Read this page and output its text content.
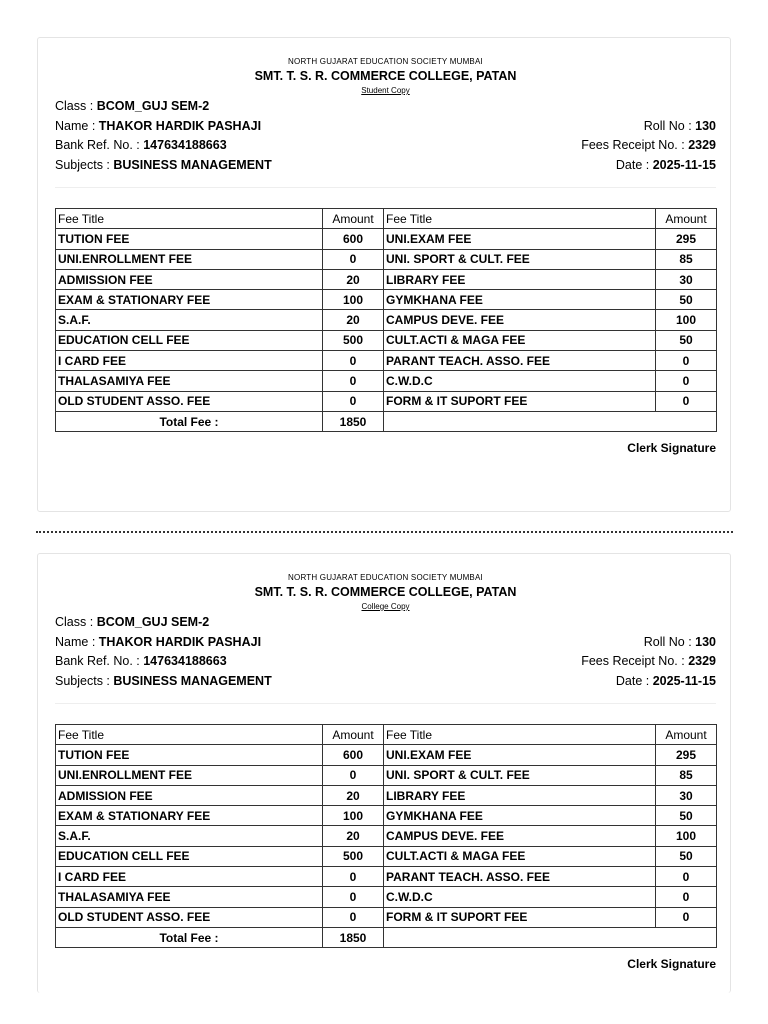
NORTH GUJARAT EDUCATION SOCIETY MUMBAI
SMT. T. S. R. COMMERCE COLLEGE, PATAN
Student Copy
Class : BCOM_GUJ SEM-2
Name : THAKOR HARDIK PASHAJI	Roll No : 130
Bank Ref. No. : 147634188663	Fees Receipt No. : 2329
Subjects : BUSINESS MANAGEMENT	Date : 2025-11-15
Fee Title	Amount	Fee Title	Amount
TUTION FEE	600	UNI.EXAM FEE	295
UNI.ENROLLMENT FEE	0	UNI. SPORT & CULT. FEE	85
ADMISSION FEE	20	LIBRARY FEE	30
EXAM & STATIONARY FEE	100	GYMKHANA FEE	50
S.A.F.	20	CAMPUS DEVE. FEE	100
EDUCATION CELL FEE	500	CULT.ACTI & MAGA FEE	50
I CARD FEE	0	PARANT TEACH. ASSO. FEE	0
THALASAMIYA FEE	0	C.W.D.C	0
OLD STUDENT ASSO. FEE	0	FORM & IT SUPORT FEE	0
Total Fee :	1850		
Clerk Signature
NORTH GUJARAT EDUCATION SOCIETY MUMBAI
SMT. T. S. R. COMMERCE COLLEGE, PATAN
College Copy
Class : BCOM_GUJ SEM-2
Name : THAKOR HARDIK PASHAJI	Roll No : 130
Bank Ref. No. : 147634188663	Fees Receipt No. : 2329
Subjects : BUSINESS MANAGEMENT	Date : 2025-11-15
Fee Title	Amount	Fee Title	Amount
TUTION FEE	600	UNI.EXAM FEE	295
UNI.ENROLLMENT FEE	0	UNI. SPORT & CULT. FEE	85
ADMISSION FEE	20	LIBRARY FEE	30
EXAM & STATIONARY FEE	100	GYMKHANA FEE	50
S.A.F.	20	CAMPUS DEVE. FEE	100
EDUCATION CELL FEE	500	CULT.ACTI & MAGA FEE	50
I CARD FEE	0	PARANT TEACH. ASSO. FEE	0
THALASAMIYA FEE	0	C.W.D.C	0
OLD STUDENT ASSO. FEE	0	FORM & IT SUPORT FEE	0
Total Fee :	1850		
Clerk Signature
